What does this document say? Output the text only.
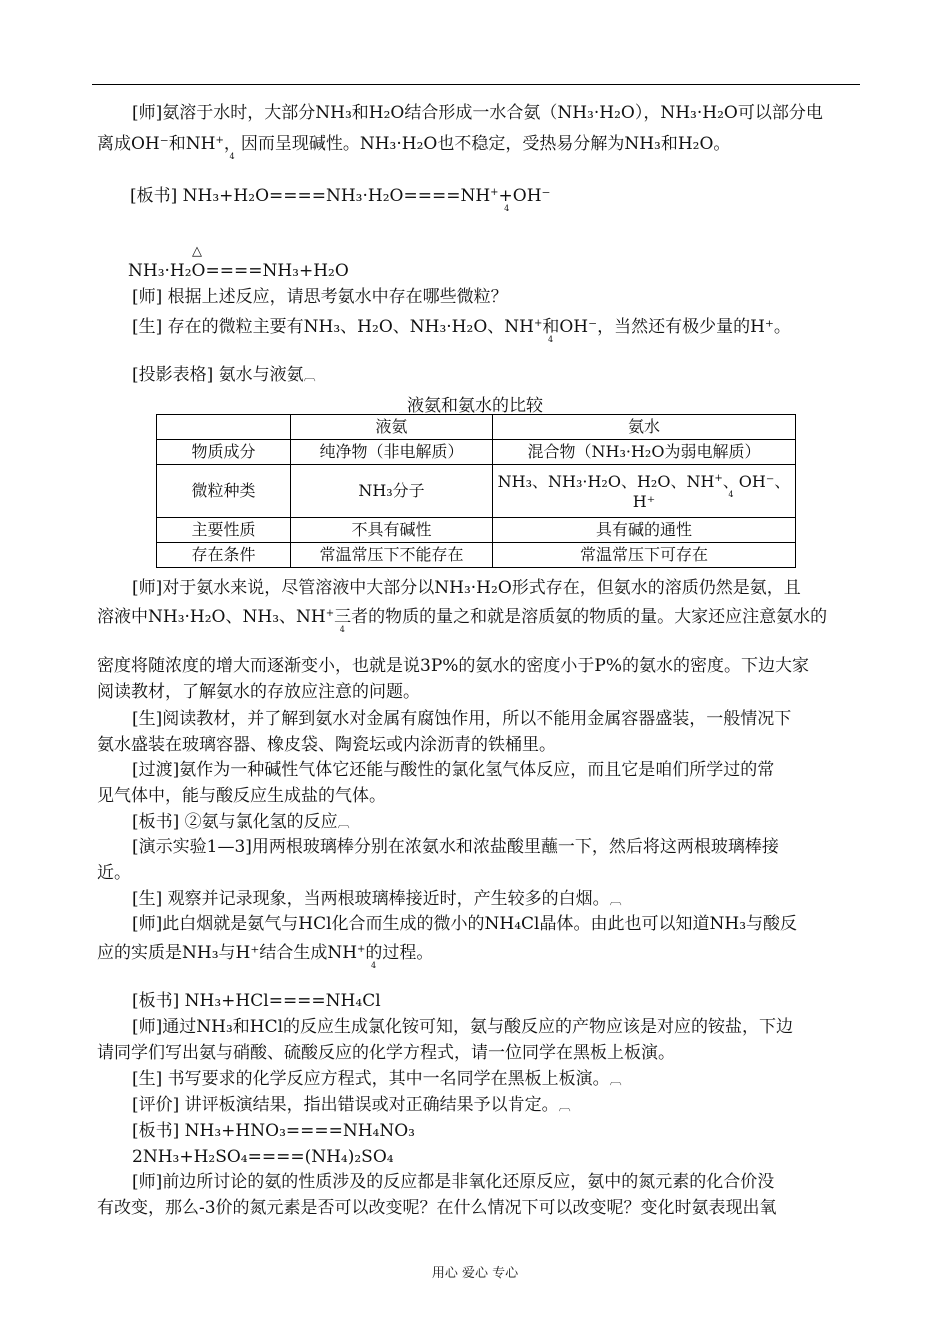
[师]氨溶于水时，大部分NH₃和H₂O结合形成一水合氨（NH₃·H₂O），NH₃·H₂O可以部分电
离成OH⁻和NH+
4
，因而呈现碱性。NH₃·H₂O也不稳定，受热易分解为NH₃和H₂O。
[板书] NH₃+H₂O====NH₃·H₂O====NH+
4
+OH⁻
△
NH₃·H₂O====NH₃+H₂O
[师] 根据上述反应，请思考氨水中存在哪些微粒？
[生] 存在的微粒主要有NH₃、H₂O、NH₃·H₂O、NH+
4
和OH⁻，当然还有极少量的H⁺。
[投影表格] 氨水与液氨︹
液氨和氨水的比较
	液氨	氨水
物质成分	纯净物（非电解质）	混合物（NH₃·H₂O为弱电解质）
微粒种类	NH₃分子	NH₃、NH₃·H₂O、H₂O、NH+
4
、OH⁻、H⁺
主要性质	不具有碱性	具有碱的通性
存在条件	常温常压下不能存在	常温常压下可存在
[师]对于氨水来说，尽管溶液中大部分以NH₃·H₂O形式存在，但氨水的溶质仍然是氨，且
溶液中NH₃·H₂O、NH₃、NH+
4
三者的物质的量之和就是溶质氨的物质的量。大家还应注意氨水的
密度将随浓度的增大而逐渐变小，也就是说3P%的氨水的密度小于P%的氨水的密度。下边大家
阅读教材，了解氨水的存放应注意的问题。
[生]阅读教材，并了解到氨水对金属有腐蚀作用，所以不能用金属容器盛装，一般情况下
氨水盛装在玻璃容器、橡皮袋、陶瓷坛或内涂沥青的铁桶里。
[过渡]氨作为一种碱性气体它还能与酸性的氯化氢气体反应，而且它是咱们所学过的常
见气体中，能与酸反应生成盐的气体。
[板书] ②氨与氯化氢的反应︹
[演示实验1—3]用两根玻璃棒分别在浓氨水和浓盐酸里蘸一下，然后将这两根玻璃棒接
近。
[生] 观察并记录现象，当两根玻璃棒接近时，产生较多的白烟。︹
[师]此白烟就是氨气与HCl化合而生成的微小的NH₄Cl晶体。由此也可以知道NH₃与酸反
应的实质是NH₃与H⁺结合生成NH+
4
的过程。
[板书] NH₃+HCl====NH₄Cl
[师]通过NH₃和HCl的反应生成氯化铵可知，氨与酸反应的产物应该是对应的铵盐，下边
请同学们写出氨与硝酸、硫酸反应的化学方程式，请一位同学在黑板上板演。
[生] 书写要求的化学反应方程式，其中一名同学在黑板上板演。︹
[评价] 讲评板演结果，指出错误或对正确结果予以肯定。︹
[板书] NH₃+HNO₃====NH₄NO₃
2NH₃+H₂SO₄====(NH₄)₂SO₄
[师]前边所讨论的氨的性质涉及的反应都是非氧化还原反应，氨中的氮元素的化合价没
有改变，那么-3价的氮元素是否可以改变呢？在什么情况下可以改变呢？变化时氨表现出氧
用心 爱心 专心
